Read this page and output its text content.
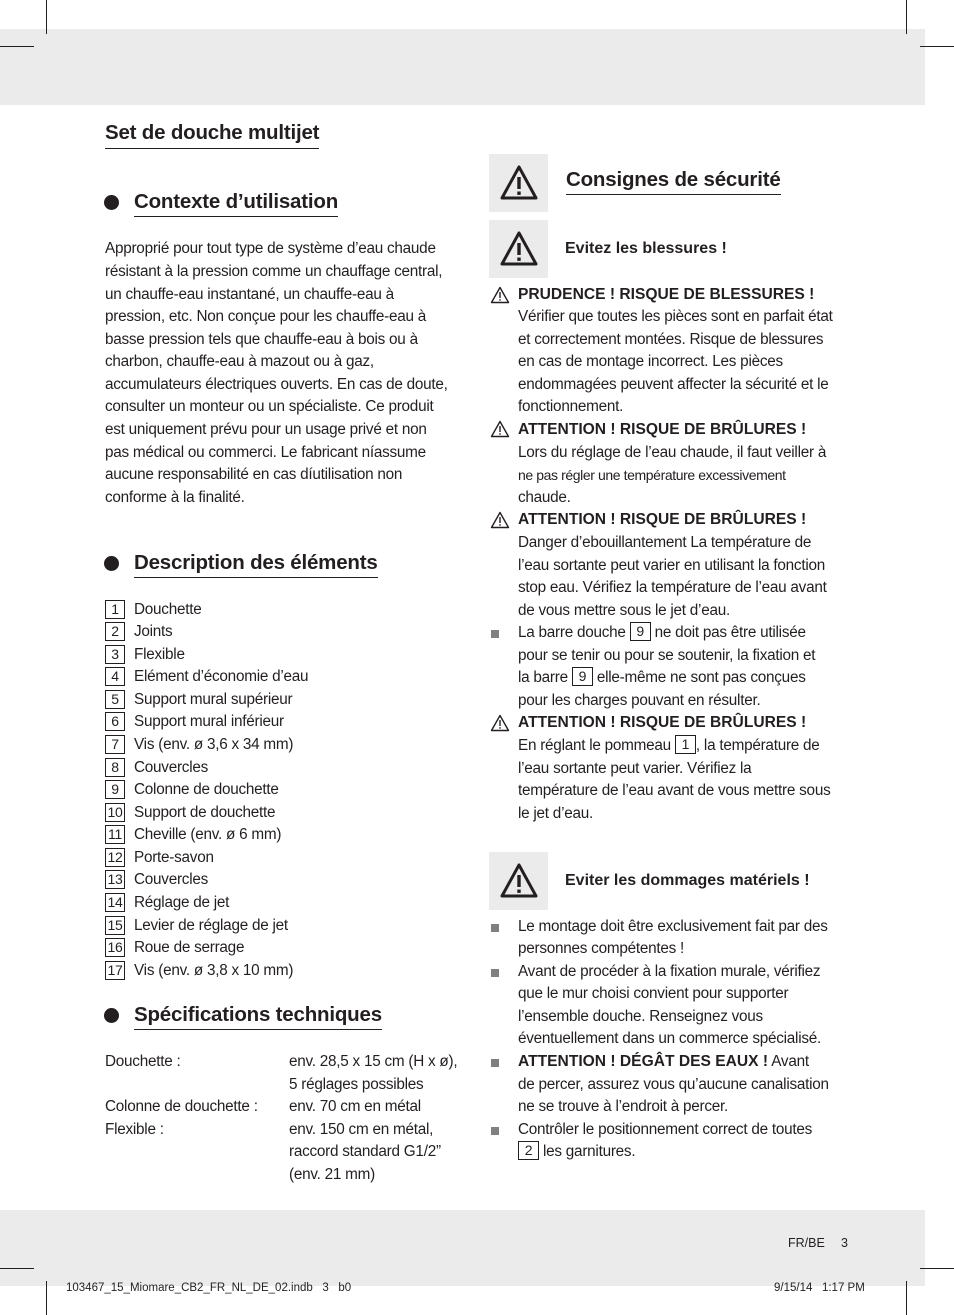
Set de douche multijet
Contexte d’utilisation
Approprié pour tout type de système d’eau chaude
résistant à la pression comme un chauffage central,
un chauffe-eau instantané, un chauffe-eau à
pression, etc. Non conçue pour les chauffe-eau à
basse pression tels que chauffe-eau à bois ou à
charbon, chauffe-eau à mazout ou à gaz,
accumulateurs électriques ouverts. En cas de doute,
consulter un monteur ou un spécialiste. Ce produit
est uniquement prévu pour un usage privé et non
pas médical ou commerci. Le fabricant níassume
aucune responsabilité en cas díutilisation non
conforme à la finalité.
Description des éléments
1 Douchette
2 Joints
3 Flexible
4 Elément d’économie d’eau
5 Support mural supérieur
6 Support mural inférieur
7 Vis (env. ø 3,6 x 34 mm)
8 Couvercles
9 Colonne de douchette
10 Support de douchette
11 Cheville (env. ø 6 mm)
12 Porte-savon
13 Couvercles
14 Réglage de jet
15 Levier de réglage de jet
16 Roue de serrage
17 Vis (env. ø 3,8 x 10 mm)
Spécifications techniques
Douchette :	env. 28,5 x 15 cm (H x ø),
5 réglages possibles
Colonne de douchette : env. 70 cm en métal
Flexible :	env. 150 cm en métal,
raccord standard G1/2”
(env. 21 mm)
Consignes de sécurité
Evitez les blessures !
PRUDENCE ! RISQUE DE BLESSURES !
Vérifier que toutes les pièces sont en parfait état
et correctement montées. Risque de blessures
en cas de montage incorrect. Les pièces
endommagées peuvent affecter la sécurité et le
fonctionnement.
ATTENTION ! RISQUE DE BRÛLURES !
Lors du réglage de l’eau chaude, il faut veiller à
ne pas régler une température excessivement
chaude.
ATTENTION ! RISQUE DE BRÛLURES !
Danger d’ebouillantement La température de
l’eau sortante peut varier en utilisant la fonction
stop eau. Vérifiez la température de l’eau avant
de vous mettre sous le jet d’eau.
La barre douche 9 ne doit pas être utilisée
pour se tenir ou pour se soutenir, la fixation et
la barre 9 elle-même ne sont pas conçues
pour les charges pouvant en résulter.
ATTENTION ! RISQUE DE BRÛLURES !
En réglant le pommeau 1 , la température de
l’eau sortante peut varier. Vérifiez la
température de l’eau avant de vous mettre sous
le jet d’eau.
Eviter les dommages matériels !
Le montage doit être exclusivement fait par des
personnes compétentes !
Avant de procéder à la fixation murale, vérifiez
que le mur choisi convient pour supporter
l’ensemble douche. Renseignez vous
éventuellement dans un commerce spécialisé.
ATTENTION ! DÉGÂT DES EAUX ! Avant
de percer, assurez vous qu’aucune canalisation
ne se trouve à l’endroit à percer.
Contrôler le positionnement correct de toutes
2 les garnitures.
FR/BE 3
103467_15_Miomare_CB2_FR_NL_DE_02.indb   3   b0	9/15/14   1:17 PM
